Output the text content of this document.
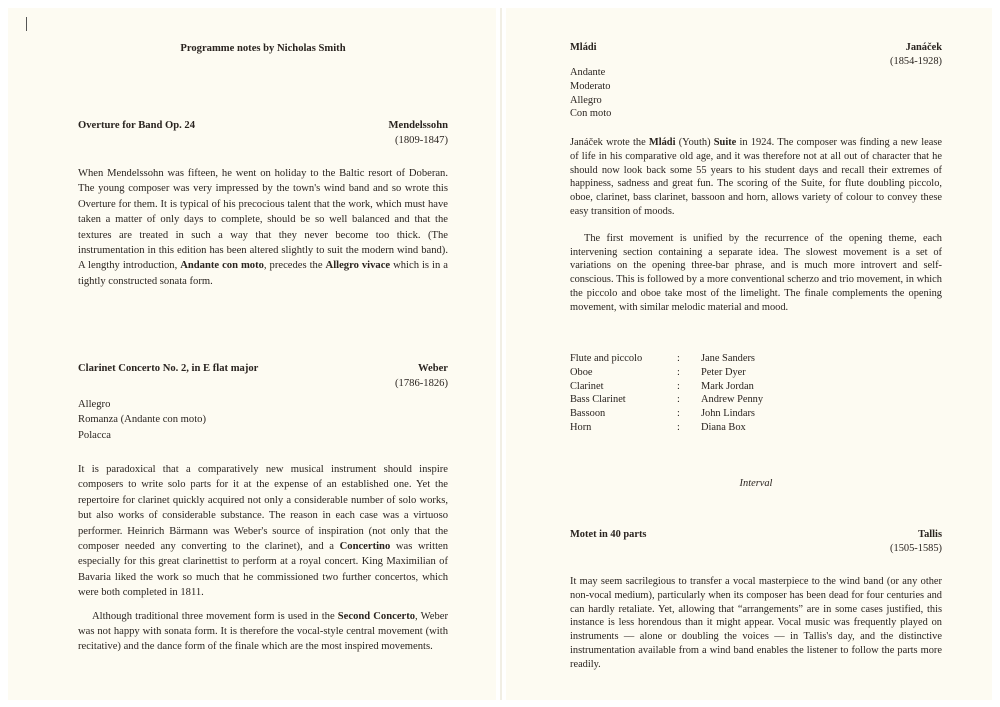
Programme notes by Nicholas Smith
Overture for Band Op. 24	Mendelssohn
(1809-1847)

When Mendelssohn was fifteen, he went on holiday to the Baltic resort of Doberan. The young composer was very impressed by the town's wind band and so wrote this Overture for them. It is typical of his precocious talent that the work, which must have taken a matter of only days to complete, should be so well balanced and that the textures are treated in such a way that they never become too thick. (The instrumentation in this edition has been altered slightly to suit the modern wind band). A lengthy introduction, Andante con moto, precedes the Allegro vivace which is in a tightly constructed sonata form.

Clarinet Concerto No. 2, in E flat major	Weber
(1786-1826)
Allegro
Romanza (Andante con moto)
Polacca

It is paradoxical that a comparatively new musical instrument should inspire composers to write solo parts for it at the expense of an established one. Yet the repertoire for clarinet quickly acquired not only a considerable number of solo works, but also works of considerable substance. The reason in each case was a virtuoso performer. Heinrich Bärmann was Weber's source of inspiration (not only that the composer needed any converting to the clarinet), and a Concertino was written especially for this great clarinettist to perform at a royal concert. King Maximilian of Bavaria liked the work so much that he commissioned two further concertos, which were both completed in 1811.

Although traditional three movement form is used in the Second Concerto, Weber was not happy with sonata form. It is therefore the vocal-style central movement (with recitative) and the dance form of the finale which are the most inspired movements.

Mládi	Janáček
(1854-1928)
Andante
Moderato
Allegro
Con moto

Janáček wrote the Mládi (Youth) Suite in 1924. The composer was finding a new lease of life in his comparative old age, and it was therefore not at all out of character that he should now look back some 55 years to his student days and recall their extremes of happiness, sadness and great fun. The scoring of the Suite, for flute doubling piccolo, oboe, clarinet, bass clarinet, bassoon and horn, allows variety of colour to convey these easy transition of moods.

The first movement is unified by the recurrence of the opening theme, each intervening section containing a separate idea. The slowest movement is a set of variations on the opening three-bar phrase, and is much more introvert and self-conscious. This is followed by a more conventional scherzo and trio movement, in which the piccolo and oboe take most of the limelight. The finale complements the opening movement, with similar melodic material and mood.

Flute and piccolo	: Jane Sanders
Oboe	: Peter Dyer
Clarinet	: Mark Jordan
Bass Clarinet	: Andrew Penny
Bassoon	: John Lindars
Horn	: Diana Box
Interval
Motet in 40 parts	Tallis
(1505-1585)

It may seem sacrilegious to transfer a vocal masterpiece to the wind band (or any other non-vocal medium), particularly when its composer has been dead for four centuries and can hardly retaliate. Yet, allowing that “arrangements” are in some cases justified, this instance is less horendous than it might appear. Vocal music was frequently played on instruments — alone or doubling the voices — in Tallis's day, and the distinctive instrumentation available from a wind band enables the listener to follow the parts more readily.
